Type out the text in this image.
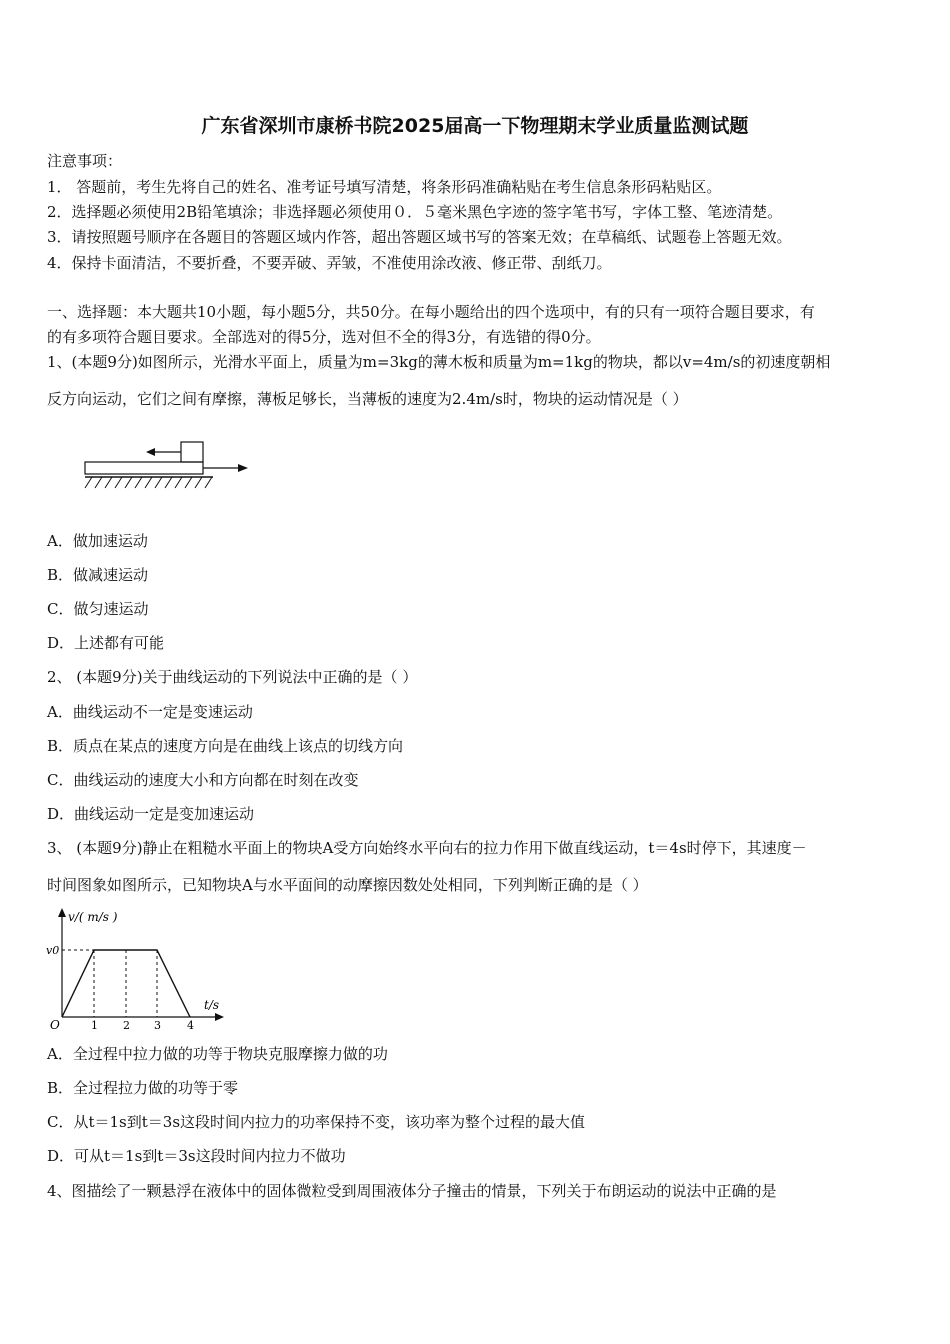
广东省深圳市康桥书院2025届高一下物理期末学业质量监测试题
注意事项：
1． 答题前，考生先将自己的姓名、准考证号填写清楚，将条形码准确粘贴在考生信息条形码粘贴区。
2．选择题必须使用2B铅笔填涂；非选择题必须使用０．５毫米黑色字迹的签字笔书写，字体工整、笔迹清楚。
3．请按照题号顺序在各题目的答题区域内作答，超出答题区域书写的答案无效；在草稿纸、试题卷上答题无效。
4．保持卡面清洁，不要折叠，不要弄破、弄皱，不准使用涂改液、修正带、刮纸刀。
一、选择题：本大题共10小题，每小题5分，共50分。在每小题给出的四个选项中，有的只有一项符合题目要求，有
的有多项符合题目要求。全部选对的得5分，选对但不全的得3分，有选错的得0分。
1、(本题9分)如图所示，光滑水平面上，质量为m=3kg的薄木板和质量为m=1kg的物块，都以v=4m/s的初速度朝相
反方向运动，它们之间有摩擦，薄板足够长，当薄板的速度为2.4m/s时，物块的运动情况是（ ）
A．做加速运动
B．做减速运动
C．做匀速运动
D．上述都有可能
2、 (本题9分)关于曲线运动的下列说法中正确的是（ ）
A．曲线运动不一定是变速运动
B．质点在某点的速度方向是在曲线上该点的切线方向
C．曲线运动的速度大小和方向都在时刻在改变
D．曲线运动一定是变加速运动
3、 (本题9分)静止在粗糙水平面上的物块A受方向始终水平向右的拉力作用下做直线运动，t＝4s时停下，其速度－
时间图象如图所示，已知物块A与水平面间的动摩擦因数处处相同，下列判断正确的是（ ）
v/( m/s )
t/s
v0
O	1 2 3 4
A．全过程中拉力做的功等于物块克服摩擦力做的功
B．全过程拉力做的功等于零
C．从t＝1s到t＝3s这段时间内拉力的功率保持不变，该功率为整个过程的最大值
D．可从t＝1s到t＝3s这段时间内拉力不做功
4、图描绘了一颗悬浮在液体中的固体微粒受到周围液体分子撞击的情景，下列关于布朗运动的说法中正确的是
